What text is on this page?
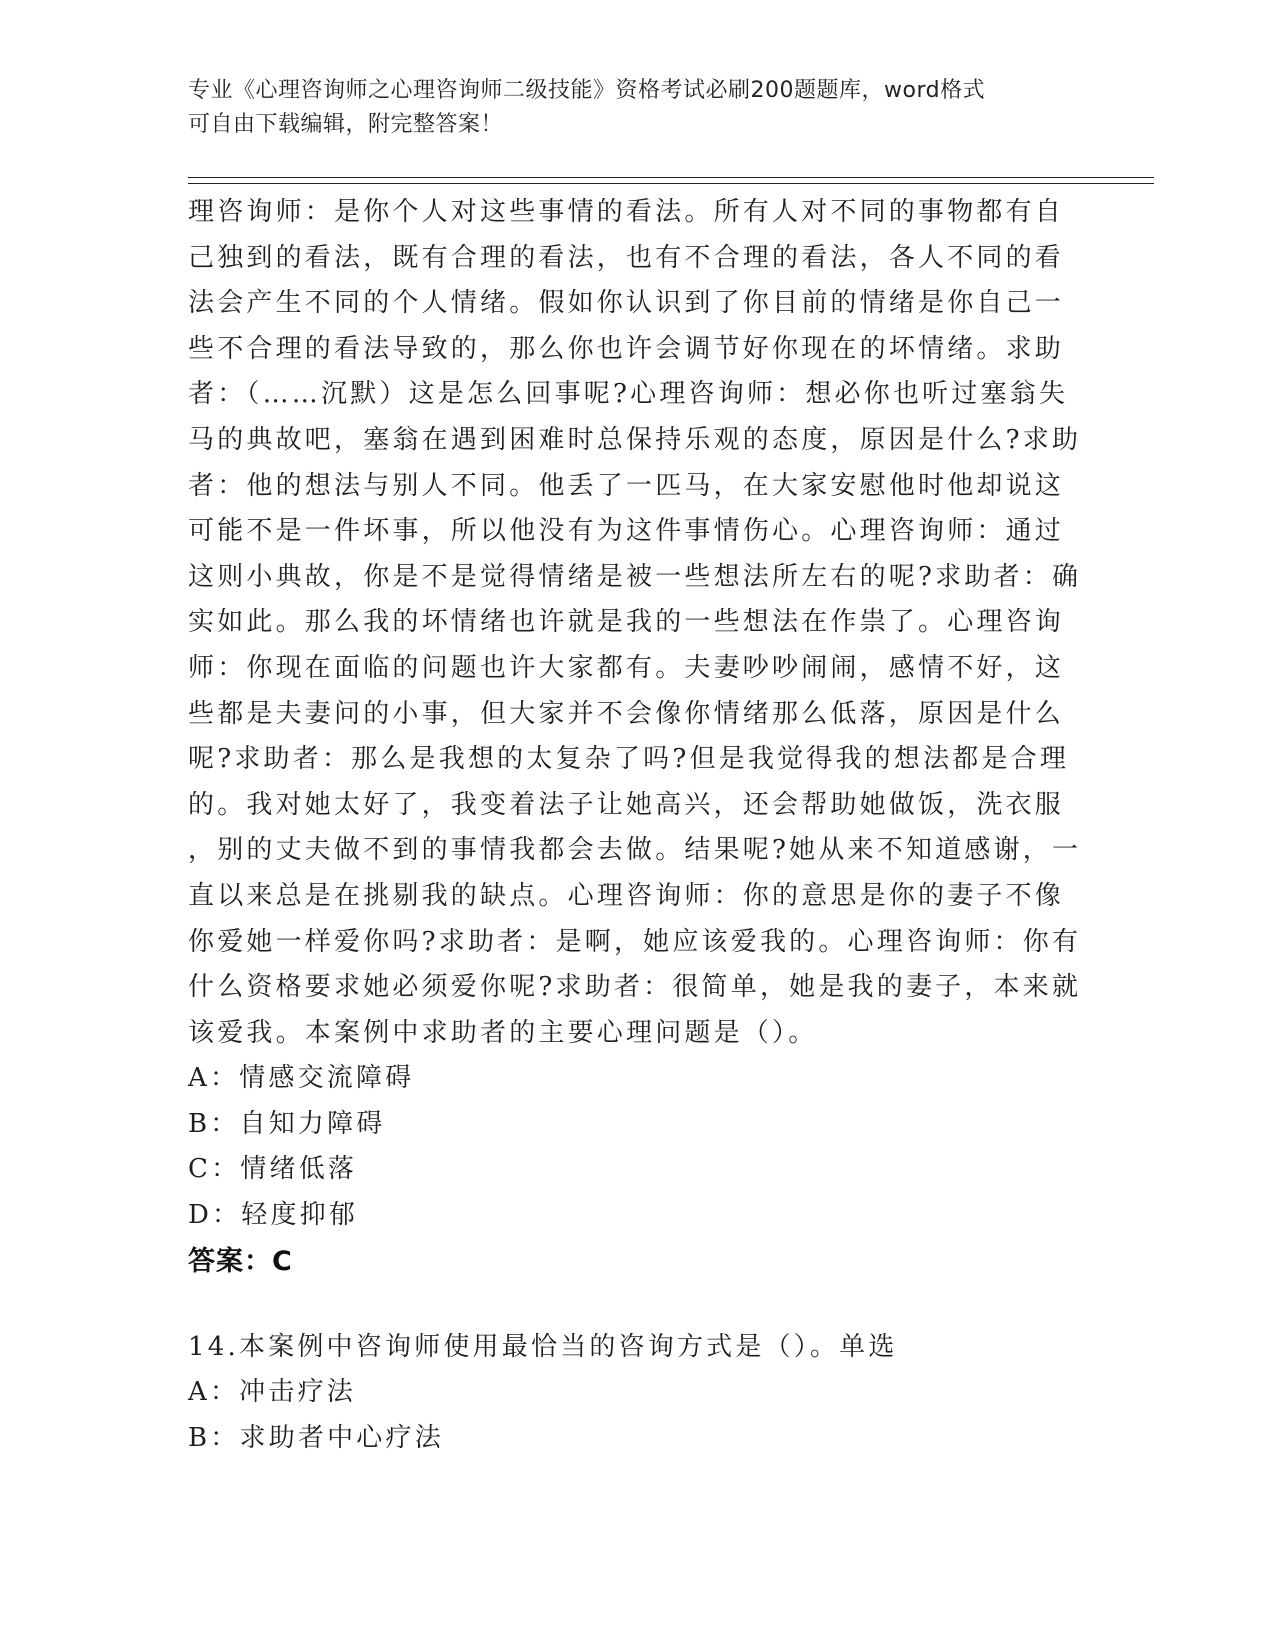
专业《心理咨询师之心理咨询师二级技能》资格考试必刷200题题库，word格式
可自由下载编辑，附完整答案！
理咨询师：是你个人对这些事情的看法。所有人对不同的事物都有自
己独到的看法，既有合理的看法，也有不合理的看法，各人不同的看
法会产生不同的个人情绪。假如你认识到了你目前的情绪是你自己一
些不合理的看法导致的，那么你也许会调节好你现在的坏情绪。求助
者：（……沉默）这是怎么回事呢?心理咨询师：想必你也听过塞翁失
马的典故吧，塞翁在遇到困难时总保持乐观的态度，原因是什么?求助
者：他的想法与别人不同。他丢了一匹马，在大家安慰他时他却说这
可能不是一件坏事，所以他没有为这件事情伤心。心理咨询师：通过
这则小典故，你是不是觉得情绪是被一些想法所左右的呢?求助者：确
实如此。那么我的坏情绪也许就是我的一些想法在作祟了。心理咨询
师：你现在面临的问题也许大家都有。夫妻吵吵闹闹，感情不好，这
些都是夫妻问的小事，但大家并不会像你情绪那么低落，原因是什么
呢?求助者：那么是我想的太复杂了吗?但是我觉得我的想法都是合理
的。我对她太好了，我变着法子让她高兴，还会帮助她做饭，洗衣服
，别的丈夫做不到的事情我都会去做。结果呢?她从来不知道感谢，一
直以来总是在挑剔我的缺点。心理咨询师：你的意思是你的妻子不像
你爱她一样爱你吗?求助者：是啊，她应该爱我的。心理咨询师：你有
什么资格要求她必须爱你呢?求助者：很简单，她是我的妻子，本来就
该爱我。本案例中求助者的主要心理问题是（）。
A：情感交流障碍
B：自知力障碍
C：情绪低落
D：轻度抑郁
答案：C
14.本案例中咨询师使用最恰当的咨询方式是（）。单选
A：冲击疗法
B：求助者中心疗法
